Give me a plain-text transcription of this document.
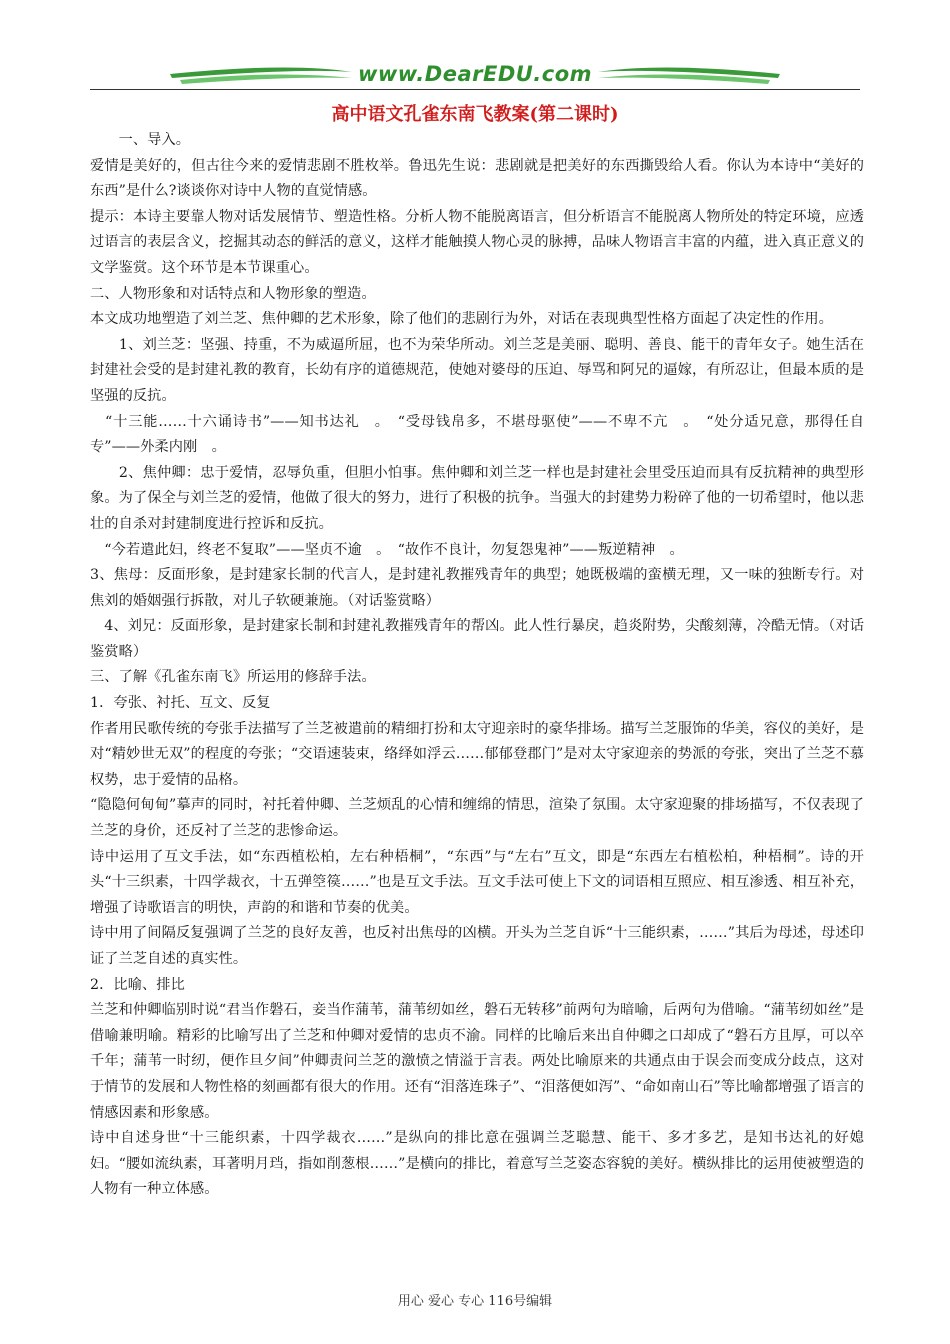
www.DearEDU.com
高中语文孔雀东南飞教案(第二课时)

　　一、导入。

爱情是美好的，但古往今来的爱情悲剧不胜枚举。鲁迅先生说：悲剧就是把美好的东西撕毁给人看。你认为本诗中“美好的东西”是什么?谈谈你对诗中人物的直觉情感。

提示：本诗主要靠人物对话发展情节、塑造性格。分析人物不能脱离语言，但分析语言不能脱离人物所处的特定环境，应透过语言的表层含义，挖掘其动态的鲜活的意义，这样才能触摸人物心灵的脉搏，品味人物语言丰富的内蕴，进入真正意义的文学鉴赏。这个环节是本节课重心。

二、人物形象和对话特点和人物形象的塑造。

本文成功地塑造了刘兰芝、焦仲卿的艺术形象，除了他们的悲剧行为外，对话在表现典型性格方面起了决定性的作用。

　　1、刘兰芝：坚强、持重，不为威逼所屈，也不为荣华所动。刘兰芝是美丽、聪明、善良、能干的青年女子。她生活在封建社会受的是封建礼教的教育，长幼有序的道德规范，使她对婆母的压迫、辱骂和阿兄的逼嫁，有所忍让，但最本质的是坚强的反抗。

　“十三能……十六诵诗书”——知书达礼　。　“受母钱帛多，不堪母驱使”——不卑不亢　。　“处分适兄意，那得任自专”——外柔内刚　。

　　2、焦仲卿：忠于爱情，忍辱负重，但胆小怕事。焦仲卿和刘兰芝一样也是封建社会里受压迫而具有反抗精神的典型形象。为了保全与刘兰芝的爱情，他做了很大的努力，进行了积极的抗争。当强大的封建势力粉碎了他的一切希望时，他以悲壮的自杀对封建制度进行控诉和反抗。

　“今若遣此妇，终老不复取”——坚贞不逾　。　“故作不良计，勿复怨鬼神”——叛逆精神　。

3、焦母：反面形象，是封建家长制的代言人，是封建礼教摧残青年的典型；她既极端的蛮横无理，又一味的独断专行。对焦刘的婚姻强行拆散，对儿子软硬兼施。（对话鉴赏略）

　4、刘兄：反面形象，是封建家长制和封建礼教摧残青年的帮凶。此人性行暴戾，趋炎附势，尖酸刻薄，冷酷无情。（对话鉴赏略）

三、了解《孔雀东南飞》所运用的修辞手法。

1．夸张、衬托、互文、反复

作者用民歌传统的夸张手法描写了兰芝被遣前的精细打扮和太守迎亲时的豪华排场。描写兰芝服饰的华美，容仪的美好，是对“精妙世无双”的程度的夸张；“交语速装束，络绎如浮云……郁郁登郡门”是对太守家迎亲的势派的夸张，突出了兰芝不慕权势，忠于爱情的品格。

“隐隐何甸甸”摹声的同时，衬托着仲卿、兰芝烦乱的心情和缠绵的情思，渲染了氛围。太守家迎聚的排场描写，不仅表现了兰芝的身价，还反衬了兰芝的悲惨命运。

诗中运用了互文手法，如“东西植松柏，左右种梧桐”，“东西”与“左右”互文，即是“东西左右植松柏，种梧桐”。诗的开头“十三织素，十四学裁衣，十五弹箜篌……”也是互文手法。互文手法可使上下文的词语相互照应、相互渗透、相互补充，增强了诗歌语言的明快，声韵的和谐和节奏的优美。

诗中用了间隔反复强调了兰芝的良好友善，也反衬出焦母的凶横。开头为兰芝自诉“十三能织素，……”其后为母述，母述印证了兰芝自述的真实性。

2．比喻、排比

兰芝和仲卿临别时说“君当作磐石，妾当作蒲苇，蒲苇纫如丝，磐石无转移”前两句为暗喻，后两句为借喻。“蒲苇纫如丝”是借喻兼明喻。精彩的比喻写出了兰芝和仲卿对爱情的忠贞不渝。同样的比喻后来出自仲卿之口却成了“磐石方且厚，可以卒千年；蒲苇一时纫，便作旦夕间”仲卿责问兰芝的激愤之情溢于言表。两处比喻原来的共通点由于误会而变成分歧点，这对于情节的发展和人物性格的刻画都有很大的作用。还有“泪落连珠子”、“泪落便如泻”、“命如南山石”等比喻都增强了语言的情感因素和形象感。

诗中自述身世“十三能织素，十四学裁衣……”是纵向的排比意在强调兰芝聪慧、能干、多才多艺，是知书达礼的好媳妇。“腰如流纨素，耳著明月珰，指如削葱根……”是横向的排比，着意写兰芝姿态容貌的美好。横纵排比的运用使被塑造的人物有一种立体感。

用心 爱心 专心 116号编辑
